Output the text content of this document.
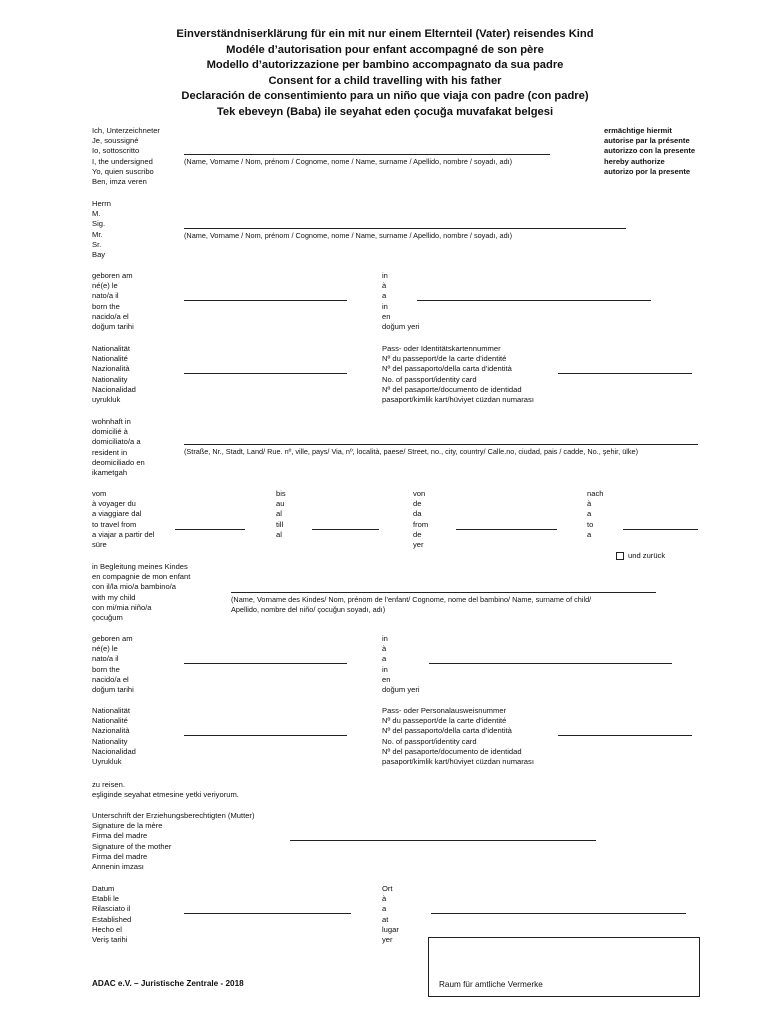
Einverständniserklärung für ein mit nur einem Elternteil (Vater) reisendes Kind
Modéle d’autorisation pour enfant accompagné de son père
Modello d’autorizzazione per bambino accompagnato da sua padre
Consent for a child travelling with his father
Declaración de consentimiento para un niño que viaja con padre (con padre)
Tek ebeveyn (Baba) ile seyahat eden çocuğa muvafakat belgesi
Ich, Unterzeichneter
Je, soussigné
Io, sottoscritto
I, the undersigned
Yo, quien suscribo
Ben, imza veren
(Name, Vorname / Nom, prénom / Cognome, nome / Name, surname / Apellido, nombre / soyadı, adı)
ermächtige hiermit
autorise par la présente
autorizzo con la presente
hereby authorize
autorizo por la presente
Herrn
M.
Sig.
Mr.
Sr.
Bay
(Name, Vorname / Nom, prénom / Cognome, nome / Name, surname / Apellido, nombre / soyadı, adı)
geboren am
né(e) le
nato/a il
born the
nacido/a el
doğum tarihi
in
à
a
in
en
doğum yeri
Nationalität
Nationalité
Nazionalità
Nationality
Nacionalidad
uyrukluk
Pass- oder Identitätskartennummer
Nº du passeport/de la carte d’identité
Nº del passaporto/della carta d’identità
No. of passport/identity card
Nº del pasaporte/documento de identidad
pasaport/kimlik kart/hüviyet cüzdan numarası
wohnhaft in
domicilié à
domiciliato/a a
resident in
deomiciliado en
ikametgah
(Straße, Nr., Stadt, Land/ Rue. nº, ville, pays/ Via, nº, località, paese/ Street, no., city, country/ Calle.no, ciudad, pais / cadde, No., şehir, ülke)
vom
à voyager du
a viaggiare dal
to travel from
a viajar a partir del
süre
bis
au
al
till
al
von
de
da
from
de
yer
nach
à
a
to
a
und zurück
in Begleitung meines Kindes
en compagnie de mon enfant
con il/la mio/a bambino/a
with my child
con mi/mia niño/a
çocuğum
(Name, Vorname des Kindes/ Nom, prénom de l’enfant/ Cognome, nome del bambino/ Name, surname of child/
Apellido, nombre del niño/ çocuğun soyadı, adı)
geboren am
né(e) le
nato/a il
born the
nacido/a el
doğum tarihi
in
à
a
in
en
doğum yeri
Nationalität
Nationalité
Nazionalità
Nationality
Nacionalidad
Uyrukluk
Pass- oder Personalausweisnummer
Nº du passeport/de la carte d’identité
Nº del passaporto/della carta d’identità
No. of passport/identity card
Nº del pasaporte/documento de identidad
pasaport/kimlik kart/hüviyet cüzdan numarası
zu reisen.
eşliginde seyahat etmesine yetki veriyorum.
Unterschrift der Erziehungsberechtigten (Mutter)
Signature de la mère
Firma del madre
Signature of the mother
Firma del madre
Annenin imzası
Datum
Etabli le
Rilasciato il
Established
Hecho el
Veriş tarihi
Ort
à
a
at
lugar
yer
Raum für amtliche Vermerke
ADAC e.V. – Juristische Zentrale - 2018
